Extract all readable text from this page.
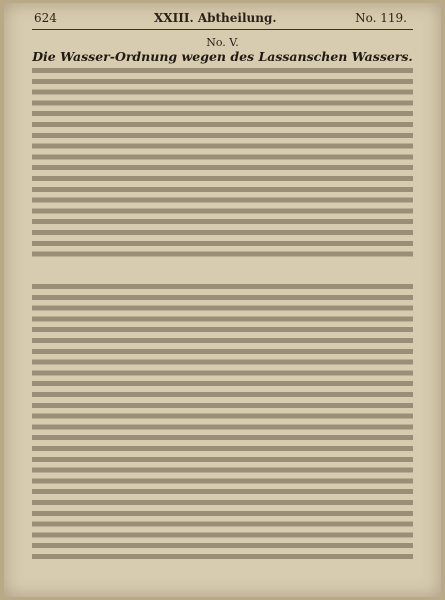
624	XXIII. Abtheilung.	No. 119.
No. V.
Die Wasser-Ordnung wegen des Lassanschen Wassers.
